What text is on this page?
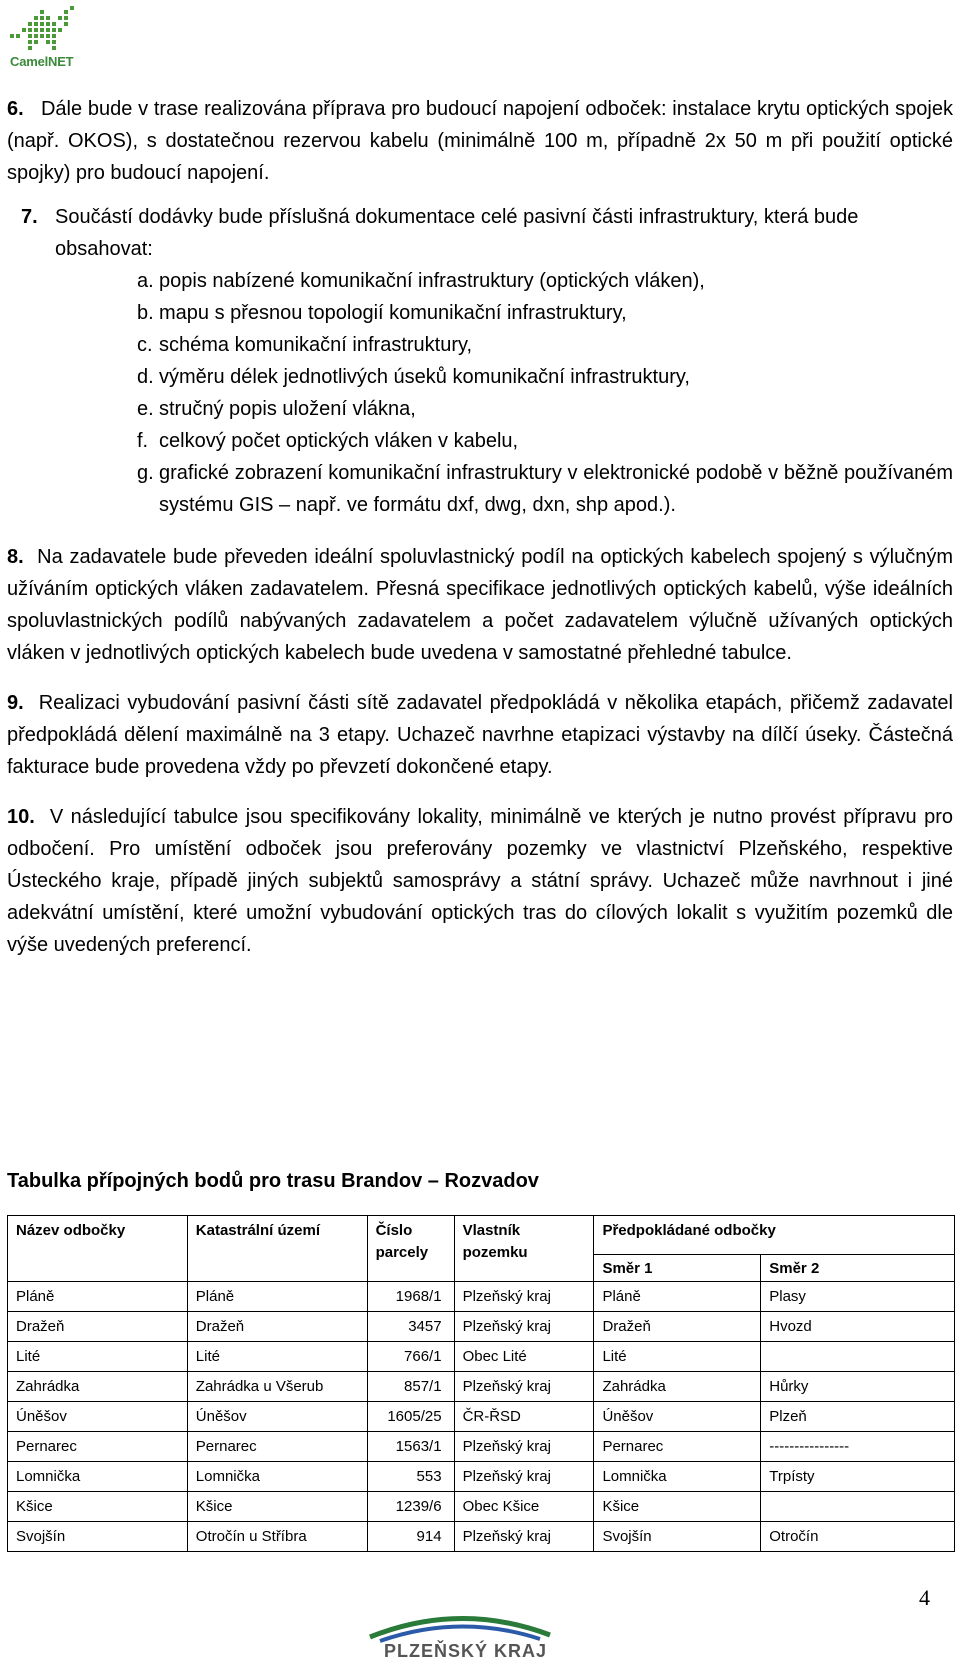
CamelNET

6. Dále bude v trase realizována příprava pro budoucí napojení odboček: instalace krytu optických spojek (např. OKOS), s dostatečnou rezervou kabelu (minimálně 100 m, případně 2x 50 m při použití optické spojky) pro budoucí napojení.

7. Součástí dodávky bude příslušná dokumentace celé pasivní části infrastruktury, která bude obsahovat:
a. popis nabízené komunikační infrastruktury (optických vláken),
b. mapu s přesnou topologií komunikační infrastruktury,
c. schéma komunikační infrastruktury,
d. výměru délek jednotlivých úseků komunikační infrastruktury,
e. stručný popis uložení vlákna,
f. celkový počet optických vláken v kabelu,
g. grafické zobrazení komunikační infrastruktury v elektronické podobě v běžně používaném systému GIS – např. ve formátu dxf, dwg, dxn, shp apod.).

8. Na zadavatele bude převeden ideální spoluvlastnický podíl na optických kabelech spojený s výlučným užíváním optických vláken zadavatelem. Přesná specifikace jednotlivých optických kabelů, výše ideálních spoluvlastnických podílů nabývaných zadavatelem a počet zadavatelem výlučně užívaných optických vláken v jednotlivých optických kabelech bude uvedena v samostatné přehledné tabulce.

9. Realizaci vybudování pasivní části sítě zadavatel předpokládá v několika etapách, přičemž zadavatel předpokládá dělení maximálně na 3 etapy. Uchazeč navrhne etapizaci výstavby na dílčí úseky. Částečná fakturace bude provedena vždy po převzetí dokončené etapy.

10. V následující tabulce jsou specifikovány lokality, minimálně ve kterých je nutno provést přípravu pro odbočení. Pro umístění odboček jsou preferovány pozemky ve vlastnictví Plzeňského, respektive Ústeckého kraje, případě jiných subjektů samosprávy a státní správy. Uchazeč může navrhnout i jiné adekvátní umístění, které umožní vybudování optických tras do cílových lokalit s využitím pozemků dle výše uvedených preferencí.

Tabulka přípojných bodů pro trasu Brandov – Rozvadov
Název odbočky	Katastrální území	Číslo parcely	Vlastník pozemku	Předpokládané odbočky	
				Směr 1	Směr 2
Pláně	Pláně	1968/1	Plzeňský kraj	Pláně	Plasy
Dražeň	Dražeň	3457	Plzeňský kraj	Dražeň	Hvozd
Lité	Lité	766/1	Obec Lité	Lité	
Zahrádka	Zahrádka u Všerub	857/1	Plzeňský kraj	Zahrádka	Hůrky
Úněšov	Úněšov	1605/25	ČR-ŘSD	Úněšov	Plzeň
Pernarec	Pernarec	1563/1	Plzeňský kraj	Pernarec	----------------
Lomnička	Lomnička	553	Plzeňský kraj	Lomnička	Trpísty
Kšice	Kšice	1239/6	Obec Kšice	Kšice	
Svojšín	Otročín u Stříbra	914	Plzeňský kraj	Svojšín	Otročín
4
PLZEŇSKÝ KRAJ
